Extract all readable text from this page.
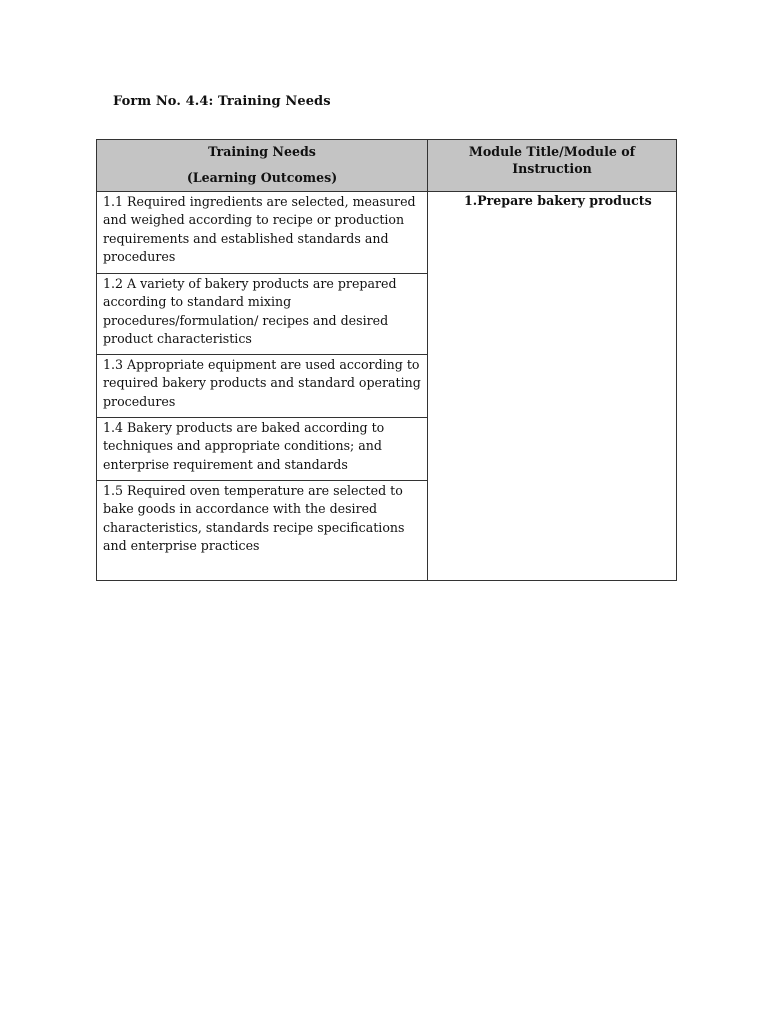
Form No. 4.4: Training Needs
Training Needs
(Learning Outcomes)	Module Title/Module of Instruction

1.1 Required ingredients are selected, measured and weighed according to recipe or production requirements and established standards and procedures	1.Prepare bakery products

1.2 A variety of bakery products are prepared according to standard mixing procedures/formulation/ recipes and desired product characteristics	
1.3 Appropriate equipment are used according to required bakery products and standard operating procedures	
1.4 Bakery products are baked according to techniques and appropriate conditions; and enterprise requirement and standards	
1.5 Required oven temperature are selected to bake goods in accordance with the desired characteristics, standards recipe specifications and enterprise practices	
